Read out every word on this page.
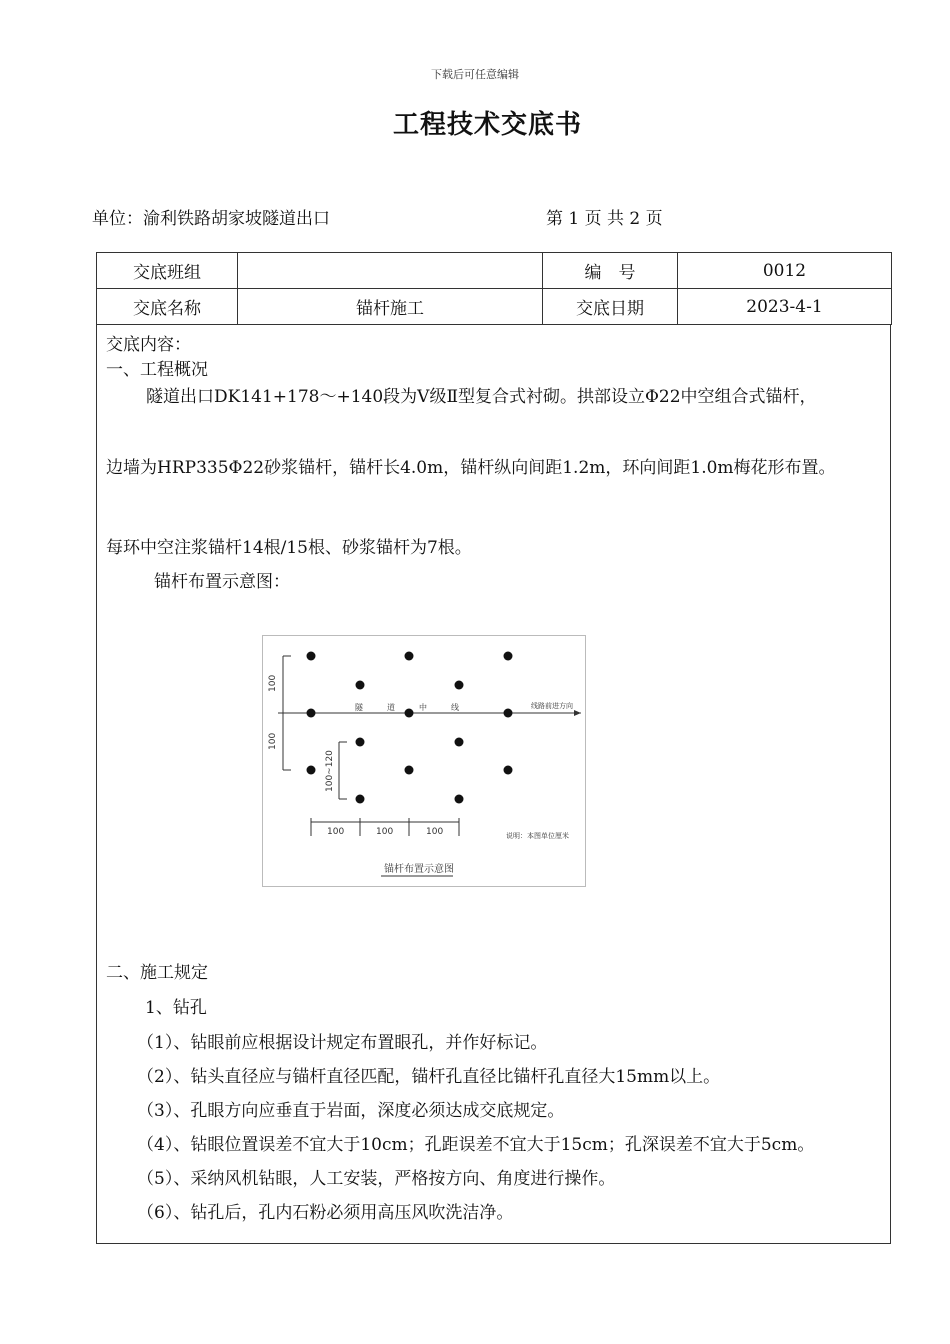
下载后可任意编辑
工程技术交底书
单位：渝利铁路胡家坡隧道出口	第 1 页 共 2 页
交底班组		编　号	0012
交底名称	锚杆施工	交底日期	2023-4-1
交底内容：
一、工程概况
隧道出口DK141+178～+140段为Ⅴ级Ⅱ型复合式衬砌。拱部设立Φ22中空组合式锚杆，
边墙为HRP335Φ22砂浆锚杆，锚杆长4.0m，锚杆纵向间距1.2m，环向间距1.0m梅花形布置。
每环中空注浆锚杆14根/15根、砂浆锚杆为7根。
锚杆布置示意图：
100
100
100~120
隧	道	中	线	线路前进方向
100	100	100	说明：本图单位厘米
锚杆布置示意图
二、施工规定
1、钻孔
（1）、钻眼前应根据设计规定布置眼孔，并作好标记。
（2）、钻头直径应与锚杆直径匹配，锚杆孔直径比锚杆孔直径大15mm以上。
（3）、孔眼方向应垂直于岩面，深度必须达成交底规定。
（4）、钻眼位置误差不宜大于10cm；孔距误差不宜大于15cm；孔深误差不宜大于5cm。
（5）、采纳风机钻眼，人工安装，严格按方向、角度进行操作。
（6）、钻孔后，孔内石粉必须用高压风吹洗洁净。
